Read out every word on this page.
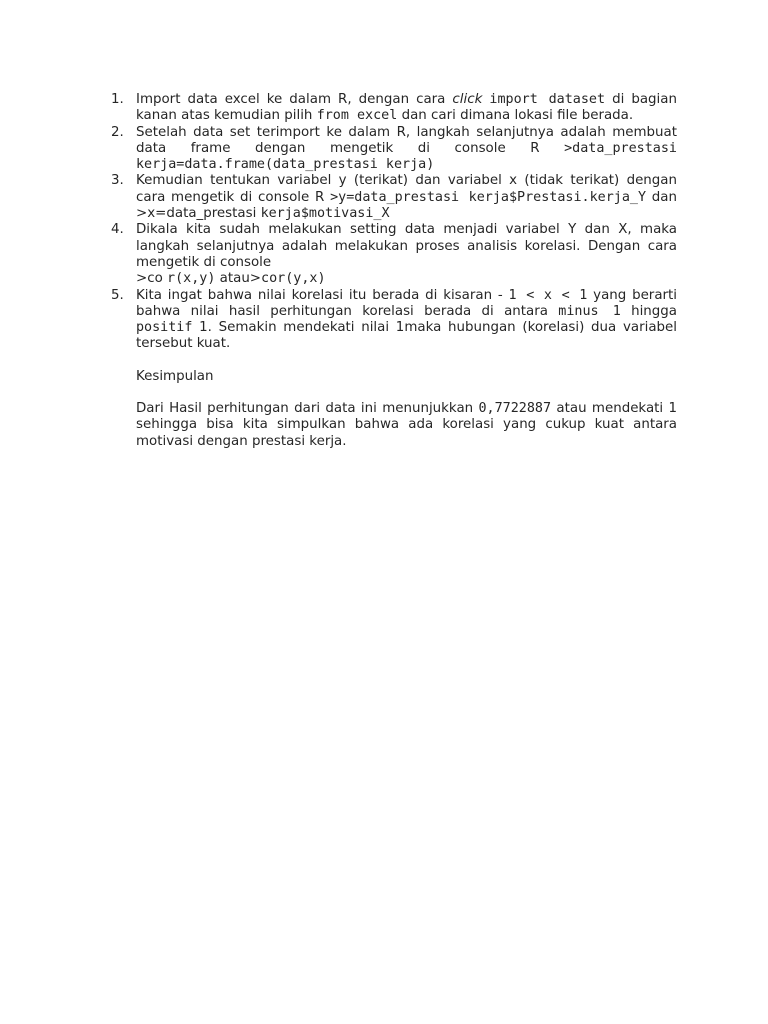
1. Import data excel ke dalam R, dengan cara click import dataset di bagian kanan atas kemudian pilih from excel dan cari dimana lokasi file berada.
2. Setelah data set terimport ke dalam R, langkah selanjutnya adalah membuat data frame dengan mengetik di console R >data_prestasi kerja=data.frame(data_prestasi kerja)
3. Kemudian tentukan variabel y (terikat) dan variabel x (tidak terikat) dengan cara mengetik di console R >y=data_prestasi kerja$Prestasi.kerja_Y dan >x=data_prestasi kerja$motivasi_X
4. Dikala kita sudah melakukan setting data menjadi variabel Y dan X, maka langkah selanjutnya adalah melakukan proses analisis korelasi. Dengan cara mengetik di console
>co r(x,y) atau>cor(y,x)
5. Kita ingat bahwa nilai korelasi itu berada di kisaran - 1 < x < 1 yang berarti bahwa nilai hasil perhitungan korelasi berada di antara minus 1 hingga positif 1. Semakin mendekati nilai 1maka hubungan (korelasi) dua variabel tersebut kuat.
Kesimpulan
Dari Hasil perhitungan dari data ini menunjukkan 0,7722887 atau mendekati 1 sehingga bisa kita simpulkan bahwa ada korelasi yang cukup kuat antara motivasi dengan prestasi kerja.
